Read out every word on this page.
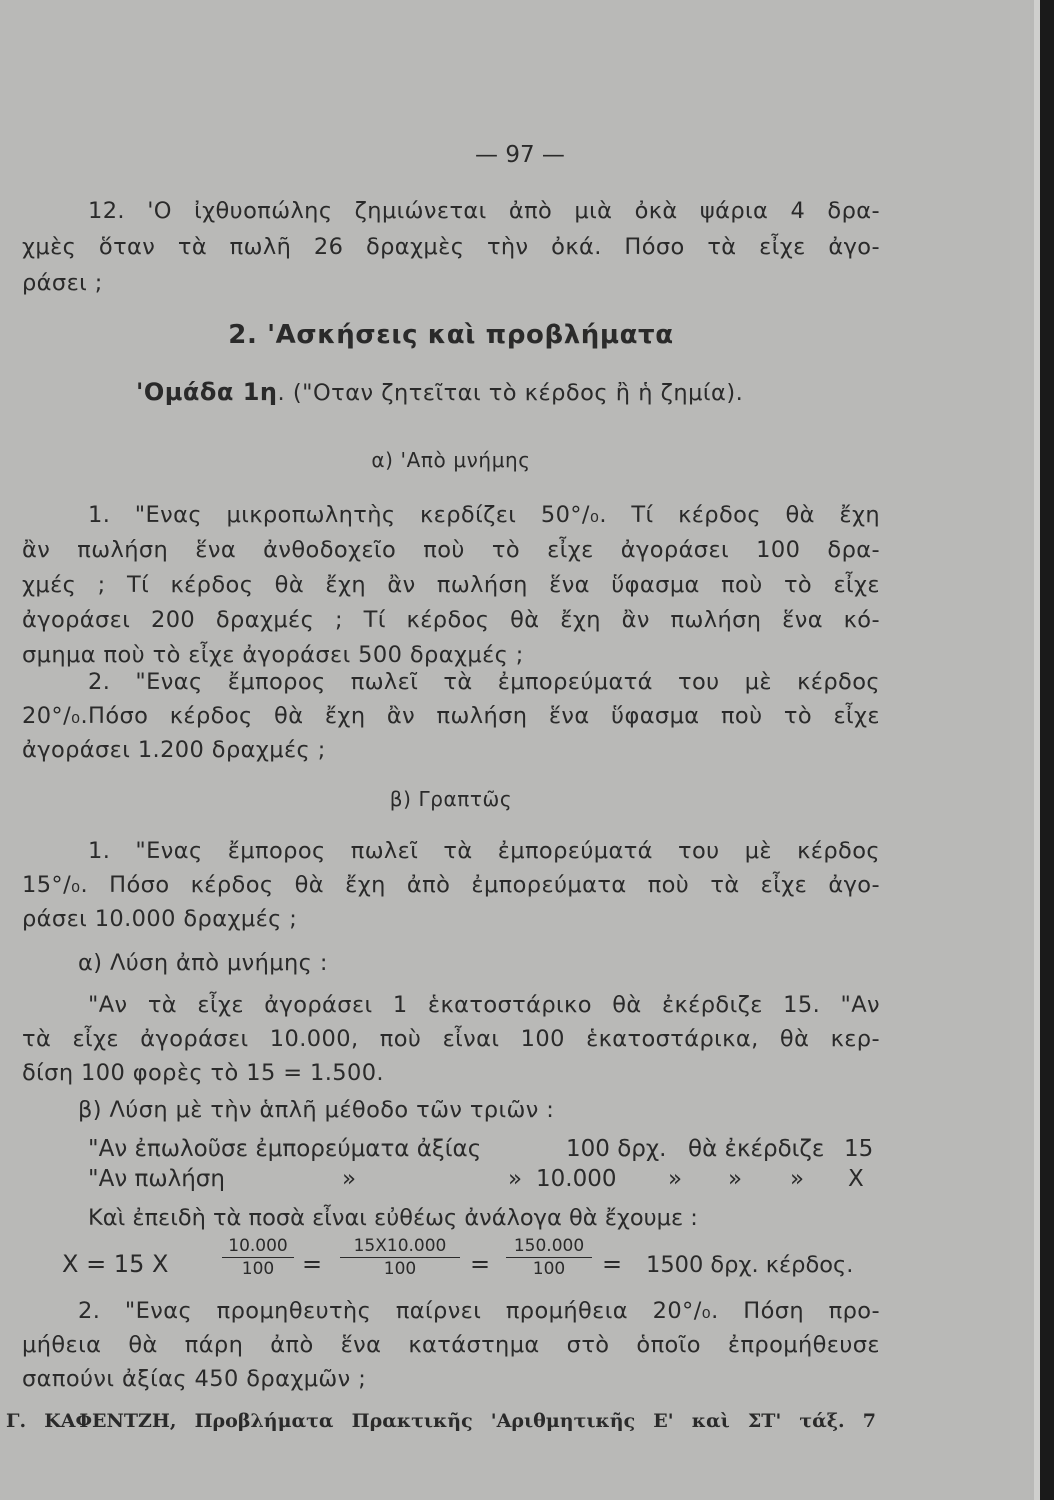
— 97 —
12. 'Ο ἰχθυοπώλης ζημιώνεται ἀπὸ μιὰ ὀκὰ ψάρια 4 δρα-
χμὲς ὅταν τὰ πωλῆ 26 δραχμὲς τὴν ὀκά. Πόσο τὰ εἶχε ἀγο-
ράσει ;
2. 'Ασκήσεις καὶ προβλήματα
'Ομάδα 1η. ("Οταν ζητεῖται τὸ κέρδος ἢ ἡ ζημία).
α) 'Απὸ μνήμης
1. "Ενας μικροπωλητὴς κερδίζει 50°/₀. Τί κέρδος θὰ ἔχη
ἂν πωλήση ἕνα ἀνθοδοχεῖο ποὺ τὸ εἶχε ἀγοράσει 100 δρα-
χμές ; Τί κέρδος θὰ ἔχη ἂν πωλήση ἕνα ὕφασμα ποὺ τὸ εἶχε
ἀγοράσει 200 δραχμές ; Τί κέρδος θὰ ἔχη ἂν πωλήση ἕνα κό-
σμημα ποὺ τὸ εἶχε ἀγοράσει 500 δραχμές ;
2. "Ενας ἔμπορος πωλεῖ τὰ ἐμπορεύματά του μὲ κέρδος
20°/₀.Πόσο κέρδος θὰ ἔχη ἂν πωλήση ἕνα ὕφασμα ποὺ τὸ εἶχε
ἀγοράσει 1.200 δραχμές ;
β) Γραπτῶς
1. "Ενας ἔμπορος πωλεῖ τὰ ἐμπορεύματά του μὲ κέρδος
15°/₀. Πόσο κέρδος θὰ ἔχη ἀπὸ ἐμπορεύματα ποὺ τὰ εἶχε ἀγο-
ράσει 10.000 δραχμές ;
α) Λύση ἀπὸ μνήμης :
"Αν τὰ εἶχε ἀγοράσει 1 ἑκατοστάρικο θὰ ἐκέρδιζε 15. "Αν
τὰ εἶχε ἀγοράσει 10.000, ποὺ εἶναι 100 ἑκατοστάρικα, θὰ κερ-
δίση 100 φορὲς τὸ 15 = 1.500.
β) Λύση μὲ τὴν ἁπλῆ μέθοδο τῶν τριῶν :
"Αν ἐπωλοῦσε ἐμπορεύματα ἀξίας	100 δρχ. θὰ ἐκέρδιζε 15
"Αν πωλήση	»	» 10.000 » » » X
Καὶ ἐπειδὴ τὰ ποσὰ εἶναι εὐθέως ἀνάλογα θὰ ἔχουμε :
X = 15 X	$\frac{10.000}{100} = \frac{15X10.000}{100} = \frac{150.000}{100} = 1500$ δρχ. κέρδος.
2. "Ενας προμηθευτὴς παίρνει προμήθεια 20°/₀. Πόση προ-
μήθεια θὰ πάρη ἀπὸ ἕνα κατάστημα στὸ ὁποῖο ἐπρομήθευσε
σαπούνι ἀξίας 450 δραχμῶν ;
Γ. ΚΑΦΕΝΤΖΗ, Προβλήματα Πρακτικῆς 'Αριθμητικῆς Ε' καὶ ΣΤ' τάξ. 7
